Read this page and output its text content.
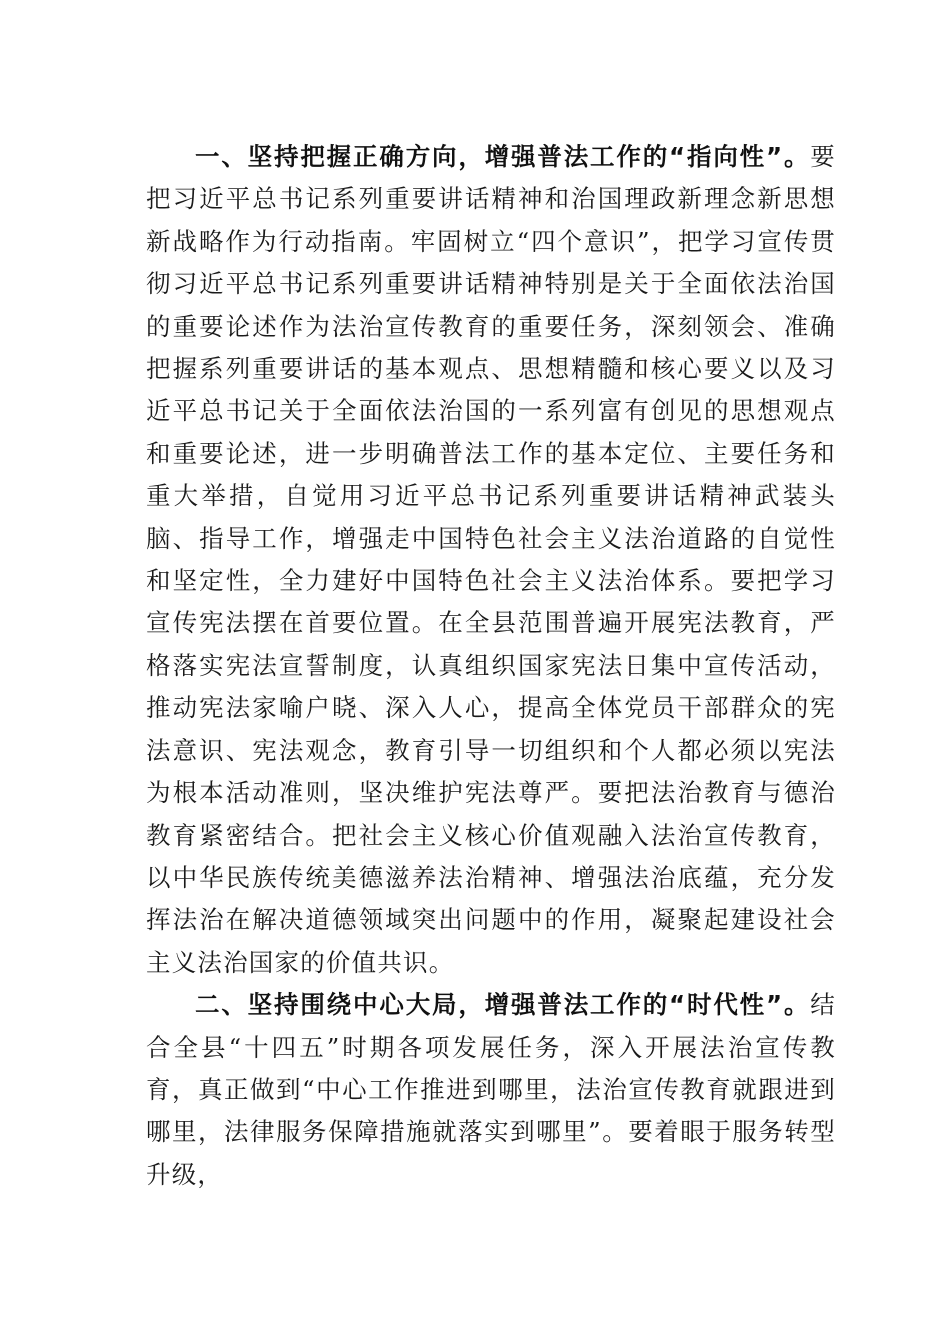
一、坚持把握正确方向，增强普法工作的“指向性”。要把习近平总书记系列重要讲话精神和治国理政新理念新思想新战略作为行动指南。牢固树立“四个意识”，把学习宣传贯彻习近平总书记系列重要讲话精神特别是关于全面依法治国的重要论述作为法治宣传教育的重要任务，深刻领会、准确把握系列重要讲话的基本观点、思想精髓和核心要义以及习近平总书记关于全面依法治国的一系列富有创见的思想观点和重要论述，进一步明确普法工作的基本定位、主要任务和重大举措，自觉用习近平总书记系列重要讲话精神武装头脑、指导工作，增强走中国特色社会主义法治道路的自觉性和坚定性，全力建好中国特色社会主义法治体系。要把学习宣传宪法摆在首要位置。在全县范围普遍开展宪法教育，严格落实宪法宣誓制度，认真组织国家宪法日集中宣传活动，推动宪法家喻户晓、深入人心，提高全体党员干部群众的宪法意识、宪法观念，教育引导一切组织和个人都必须以宪法为根本活动准则，坚决维护宪法尊严。要把法治教育与德治教育紧密结合。把社会主义核心价值观融入法治宣传教育，以中华民族传统美德滋养法治精神、增强法治底蕴，充分发挥法治在解决道德领域突出问题中的作用，凝聚起建设社会主义法治国家的价值共识。

二、坚持围绕中心大局，增强普法工作的“时代性”。结合全县“十四五”时期各项发展任务，深入开展法治宣传教育，真正做到“中心工作推进到哪里，法治宣传教育就跟进到哪里，法律服务保障措施就落实到哪里”。要着眼于服务转型升级，
